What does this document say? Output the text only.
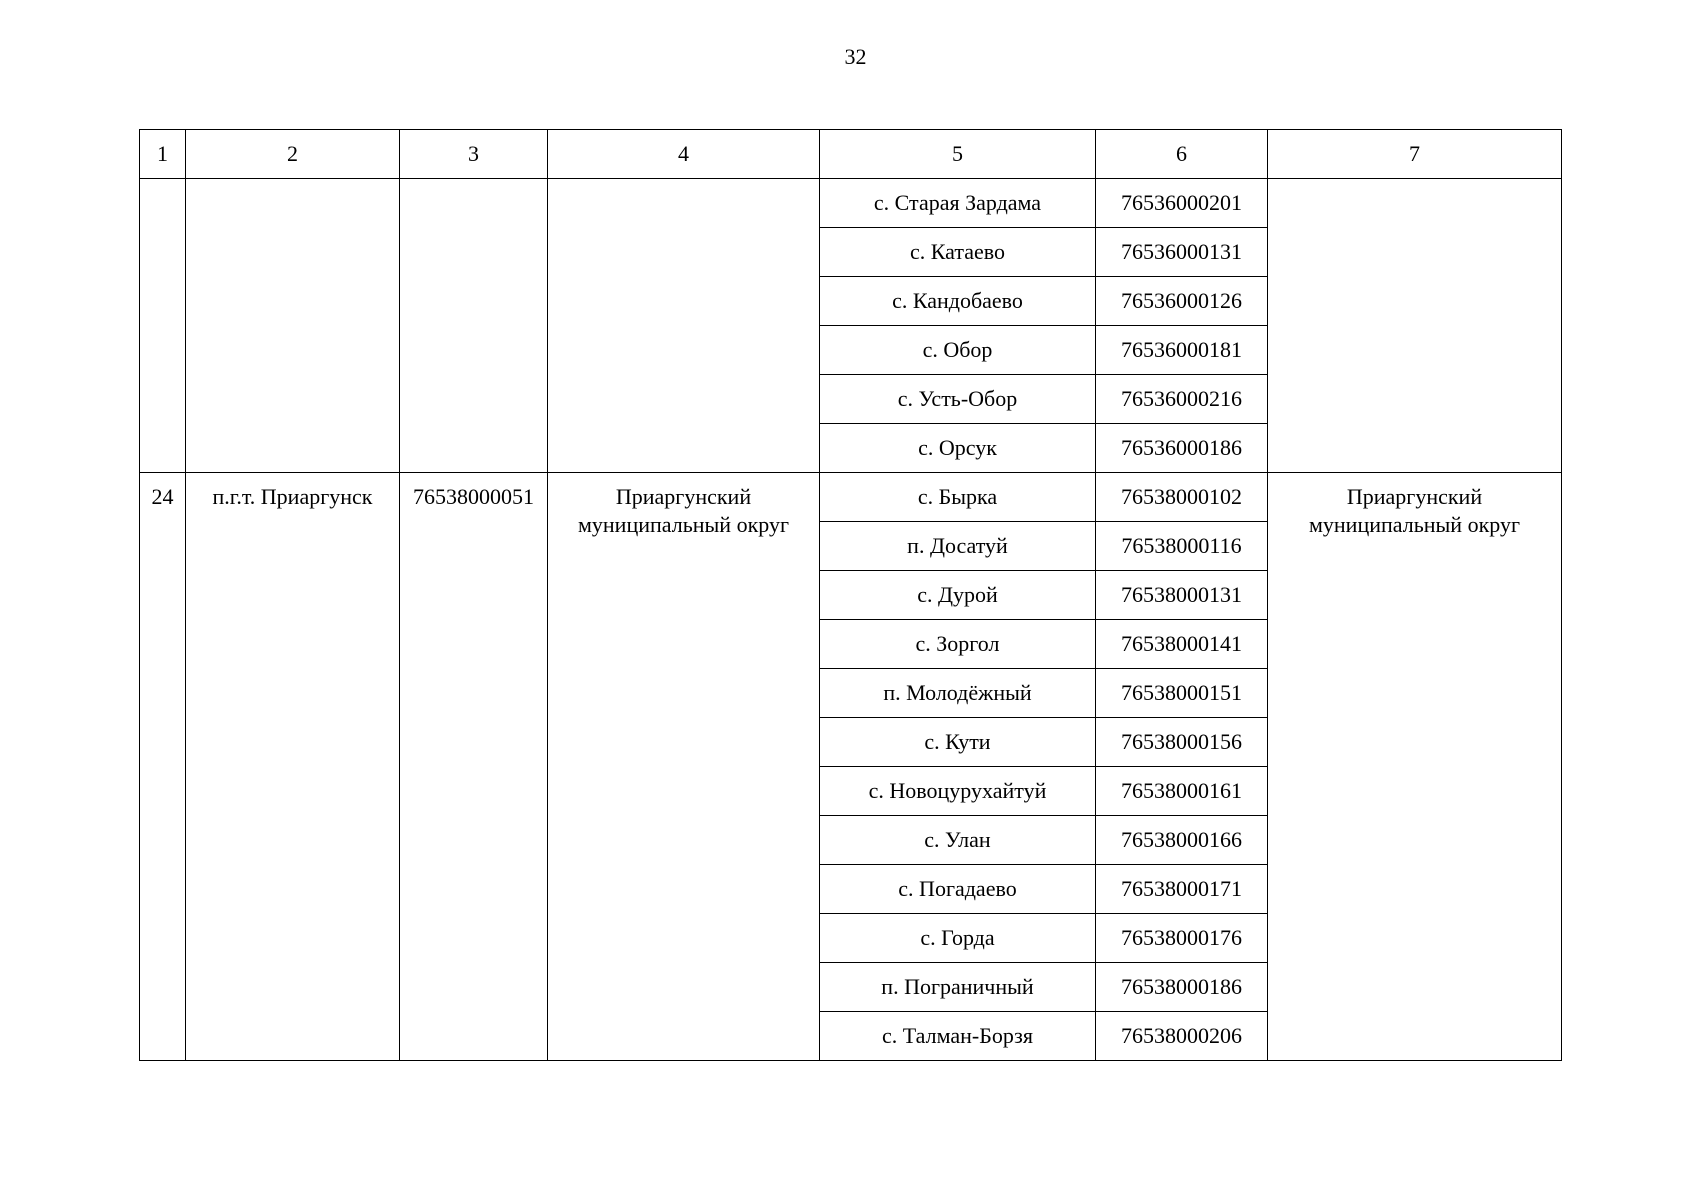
32
1	2	3	4	5	6	7
				с. Старая Зардама	76536000201	
				с. Катаево	76536000131	
				с. Кандобаево	76536000126	
				с. Обор	76536000181	
				с. Усть-Обор	76536000216	
				с. Орсук	76536000186	
24	п.г.т. Приаргунск	76538000051	Приаргунский муниципальный округ	с. Бырка	76538000102	Приаргунский муниципальный округ
				п. Досатуй	76538000116	
				с. Дурой	76538000131	
				с. Зоргол	76538000141	
				п. Молодёжный	76538000151	
				с. Кути	76538000156	
				с. Новоцурухайтуй	76538000161	
				с. Улан	76538000166	
				с. Погадаево	76538000171	
				с. Горда	76538000176	
				п. Пограничный	76538000186	
				с. Талман-Борзя	76538000206	
